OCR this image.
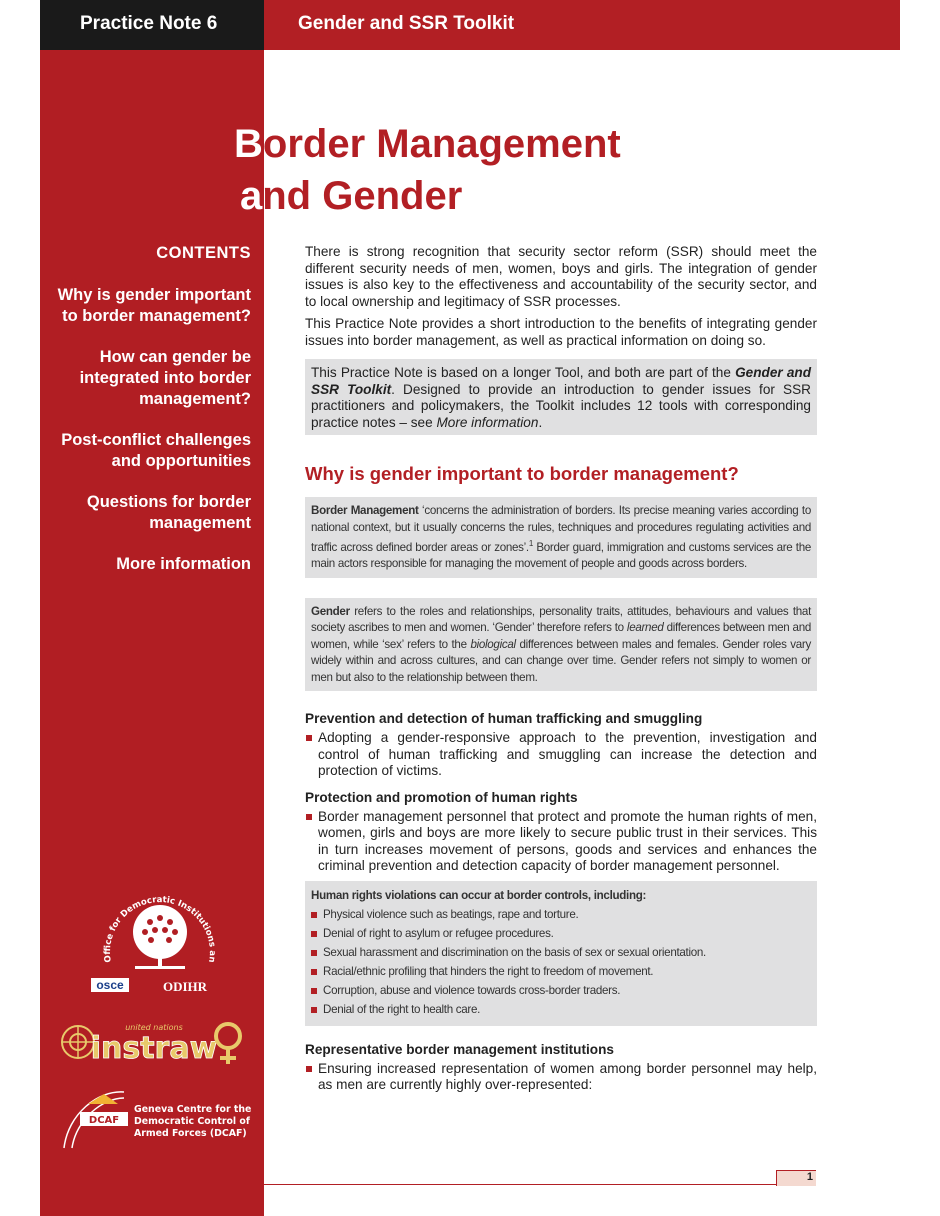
Practice Note 6	Gender and SSR Toolkit
Border Management
and Gender
CONTENTS
Why is gender important to border management?
How can gender be integrated into border management?
Post-conflict challenges and opportunities
Questions for border management
More information

There is strong recognition that security sector reform (SSR) should meet the different security needs of men, women, boys and girls. The integration of gender issues is also key to the effectiveness and accountability of the security sector, and to local ownership and legitimacy of SSR processes.

This Practice Note provides a short introduction to the benefits of integrating gender issues into border management, as well as practical information on doing so.

This Practice Note is based on a longer Tool, and both are part of the Gender and SSR Toolkit. Designed to provide an introduction to gender issues for SSR practitioners and policymakers, the Toolkit includes 12 tools with corresponding practice notes – see More information.
Why is gender important to border management?
Border Management ‘concerns the administration of borders. Its precise meaning varies according to national context, but it usually concerns the rules, techniques and procedures regulating activities and traffic across defined border areas or zones’.$^1$ Border guard, immigration and customs services are the main actors responsible for managing the movement of people and goods across borders.
Gender refers to the roles and relationships, personality traits, attitudes, behaviours and values that society ascribes to men and women. ‘Gender’ therefore refers to learned differences between men and women, while ‘sex’ refers to the biological differences between males and females. Gender roles vary widely within and across cultures, and can change over time. Gender refers not simply to women or men but also to the relationship between them.
Prevention and detection of human trafficking and smuggling
Adopting a gender-responsive approach to the prevention, investigation and control of human trafficking and smuggling can increase the detection and protection of victims.
Protection and promotion of human rights
Border management personnel that protect and promote the human rights of men, women, girls and boys are more likely to secure public trust in their services. This in turn increases movement of persons, goods and services and enhances the criminal prevention and detection capacity of border management personnel.
Human rights violations can occur at border controls, including:
Physical violence such as beatings, rape and torture.
Denial of right to asylum or refugee procedures.
Sexual harassment and discrimination on the basis of sex or sexual orientation.
Racial/ethnic profiling that hinders the right to freedom of movement.
Corruption, abuse and violence towards cross-border traders.
Denial of the right to health care.
Representative border management institutions
Ensuring increased representation of women among border personnel may help, as men are currently highly over-represented:
Office for Democratic Institutions an
osce	ODIHR
united nations
instraw
DCAF
Geneva Centre for the
Democratic Control of
Armed Forces (DCAF)
1
